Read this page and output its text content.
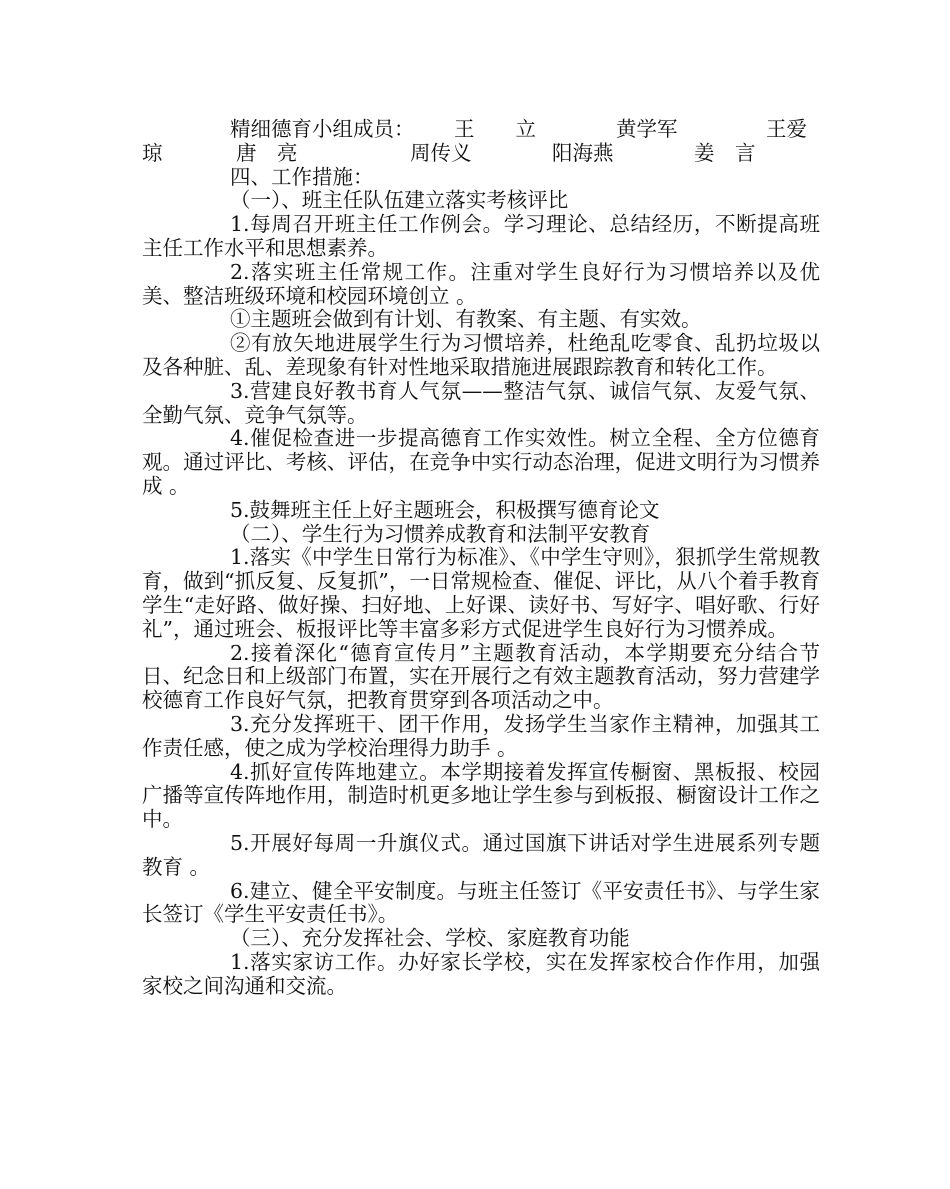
精细德育小组成员： 王　　立	黄学军	王爱
琼	唐　亮	周传义	阳海燕	姜　言

四、工作措施：

（一）、班主任队伍建立落实考核评比

1.每周召开班主任工作例会。学习理论、总结经历，不断提高班主任工作水平和思想素养。

2.落实班主任常规工作。注重对学生良好行为习惯培养以及优美、整洁班级环境和校园环境创立 。

①主题班会做到有计划、有教案、有主题、有实效。

②有放矢地进展学生行为习惯培养，杜绝乱吃零食、乱扔垃圾以及各种脏、乱、差现象有针对性地采取措施进展跟踪教育和转化工作。

3.营建良好教书育人气氛——整洁气氛、诚信气氛、友爱气氛、全勤气氛、竞争气氛等。

4.催促检查进一步提高德育工作实效性。树立全程、全方位德育观。通过评比、考核、评估，在竞争中实行动态治理，促进文明行为习惯养成 。

5.鼓舞班主任上好主题班会，积极撰写德育论文

（二）、学生行为习惯养成教育和法制平安教育

1.落实《中学生日常行为标准》、《中学生守则》，狠抓学生常规教育，做到“抓反复、反复抓”，一日常规检查、催促、评比，从八个着手教育学生“走好路、做好操、扫好地、上好课、读好书、写好字、唱好歌、行好礼”，通过班会、板报评比等丰富多彩方式促进学生良好行为习惯养成。

2.接着深化“德育宣传月”主题教育活动，本学期要充分结合节日、纪念日和上级部门布置，实在开展行之有效主题教育活动，努力营建学校德育工作良好气氛，把教育贯穿到各项活动之中。

3.充分发挥班干、团干作用，发扬学生当家作主精神，加强其工作责任感，使之成为学校治理得力助手 。

4.抓好宣传阵地建立。本学期接着发挥宣传橱窗、黑板报、校园广播等宣传阵地作用，制造时机更多地让学生参与到板报、橱窗设计工作之中。

5.开展好每周一升旗仪式。通过国旗下讲话对学生进展系列专题教育 。

6.建立、健全平安制度。与班主任签订《平安责任书》、与学生家长签订《学生平安责任书》。

（三）、充分发挥社会、学校、家庭教育功能

1.落实家访工作。办好家长学校，实在发挥家校合作作用，加强家校之间沟通和交流。
